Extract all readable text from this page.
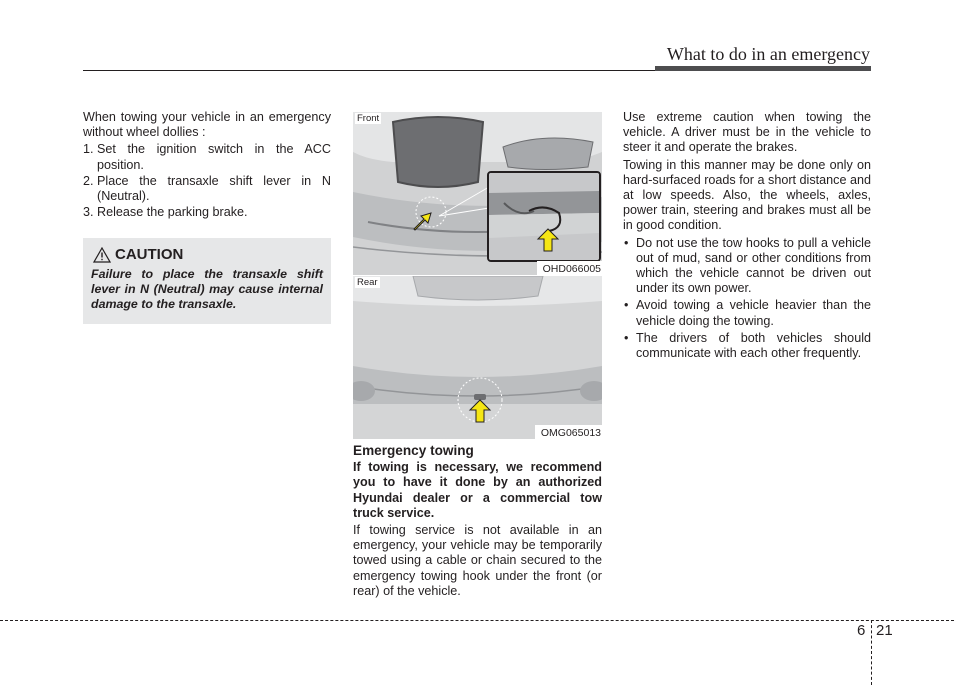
What to do in an emergency

When towing your vehicle in an emergency without wheel dollies :

1. Set the ignition switch in the ACC position.
2. Place the transaxle shift lever in N (Neutral).
3. Release the parking brake.
CAUTION
Failure to place the transaxle shift lever in N (Neutral) may cause internal damage to the transaxle.
Front
OHD066005
Rear
OMG065013

Emergency towing

If towing is necessary, we recommend you to have it done by an authorized Hyundai dealer or a commercial tow truck service.

If towing service is not available in an emergency, your vehicle may be temporarily towed using a cable or chain secured to the emergency towing hook under the front (or rear) of the vehicle.

Use extreme caution when towing the vehicle. A driver must be in the vehicle to steer it and operate the brakes.

Towing in this manner may be done only on hard-surfaced roads for a short distance and at low speeds. Also, the wheels, axles, power train, steering and brakes must all be in good condition.

• Do not use the tow hooks to pull a vehicle out of mud, sand or other conditions from which the vehicle cannot be driven out under its own power.
• Avoid towing a vehicle heavier than the vehicle doing the towing.
• The drivers of both vehicles should communicate with each other frequently.
6 21
